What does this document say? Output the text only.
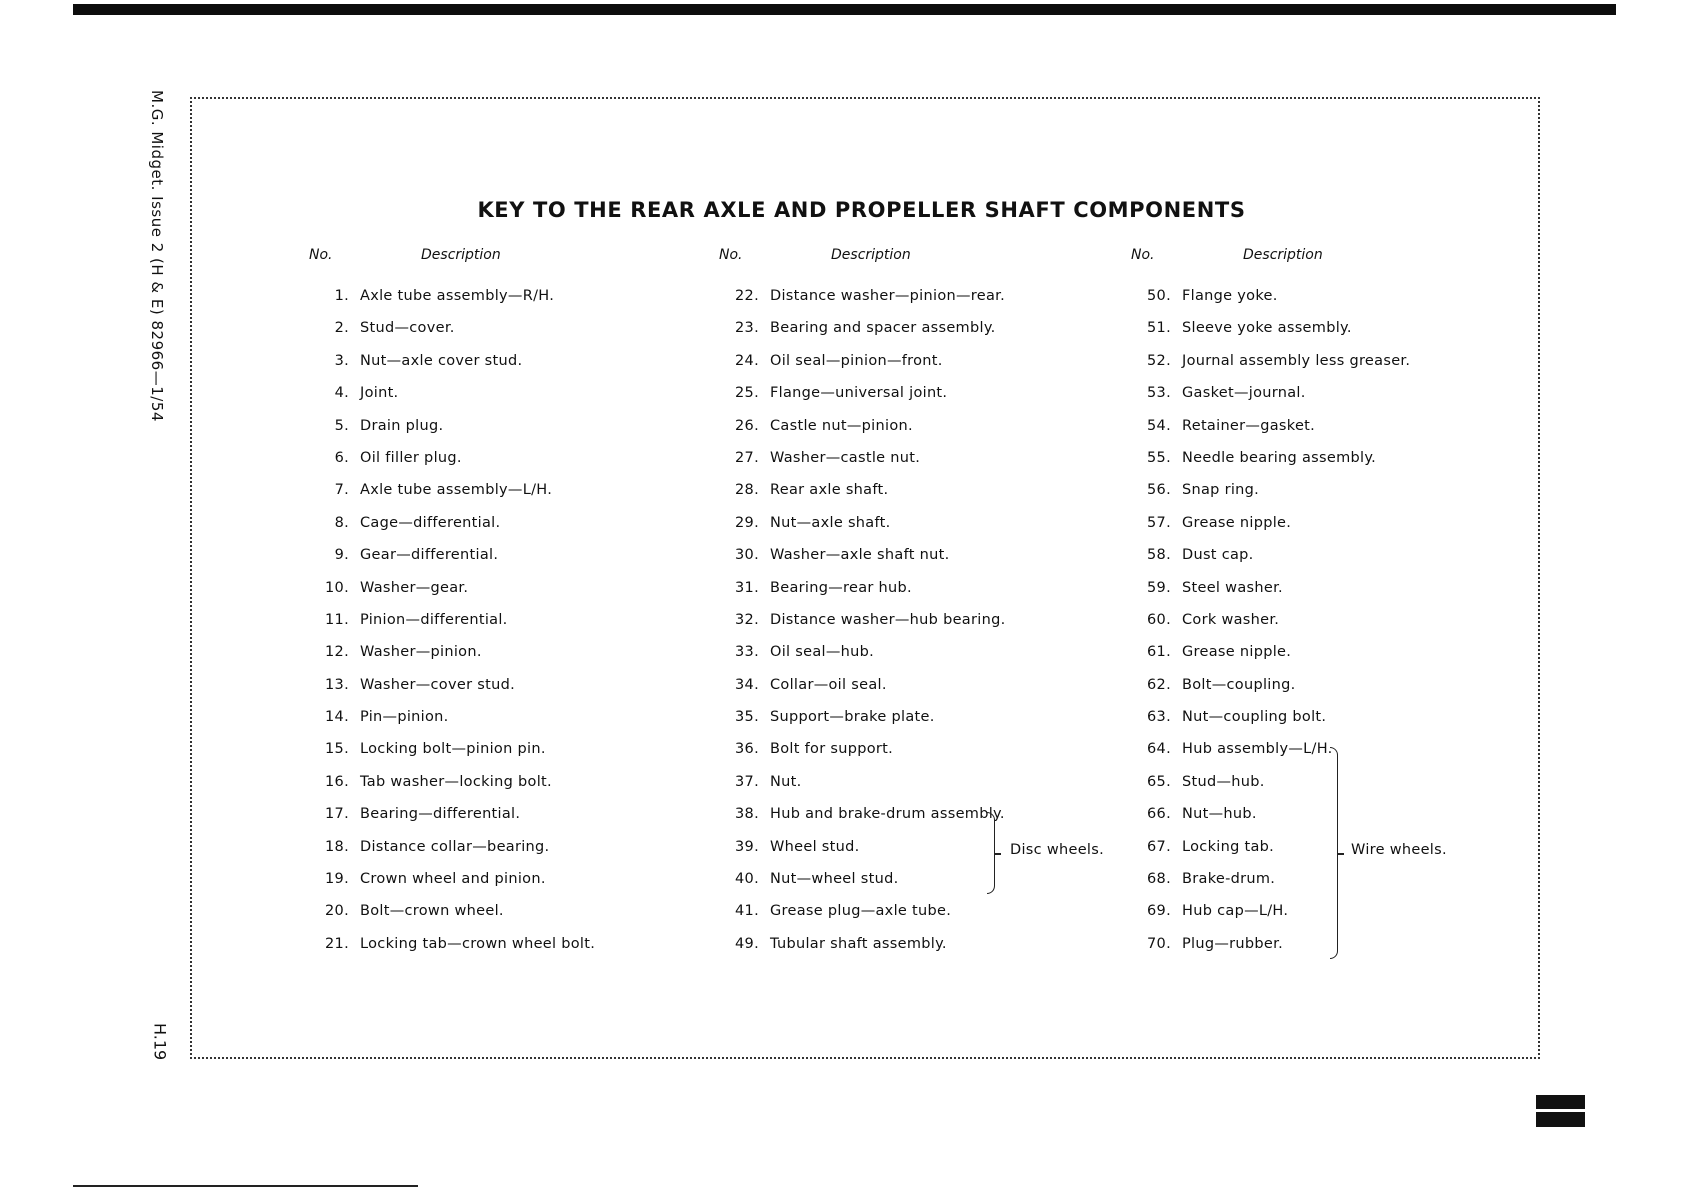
M.G. Midget. Issue 2 (H & E) 82966—1/54
H.19
KEY TO THE REAR AXLE AND PROPELLER SHAFT COMPONENTS
No.	Description
1. Axle tube assembly—R/H.
2. Stud—cover.
3. Nut—axle cover stud.
4. Joint.
5. Drain plug.
6. Oil filler plug.
7. Axle tube assembly—L/H.
8. Cage—differential.
9. Gear—differential.
10. Washer—gear.
11. Pinion—differential.
12. Washer—pinion.
13. Washer—cover stud.
14. Pin—pinion.
15. Locking bolt—pinion pin.
16. Tab washer—locking bolt.
17. Bearing—differential.
18. Distance collar—bearing.
19. Crown wheel and pinion.
20. Bolt—crown wheel.
21. Locking tab—crown wheel bolt.
No.	Description
22. Distance washer—pinion—rear.
23. Bearing and spacer assembly.
24. Oil seal—pinion—front.
25. Flange—universal joint.
26. Castle nut—pinion.
27. Washer—castle nut.
28. Rear axle shaft.
29. Nut—axle shaft.
30. Washer—axle shaft nut.
31. Bearing—rear hub.
32. Distance washer—hub bearing.
33. Oil seal—hub.
34. Collar—oil seal.
35. Support—brake plate.
36. Bolt for support.
37. Nut.
38. Hub and brake-drum assembly.
39. Wheel stud.
40. Nut—wheel stud.
41. Grease plug—axle tube.
49. Tubular shaft assembly.
No.	Description
50. Flange yoke.
51. Sleeve yoke assembly.
52. Journal assembly less greaser.
53. Gasket—journal.
54. Retainer—gasket.
55. Needle bearing assembly.
56. Snap ring.
57. Grease nipple.
58. Dust cap.
59. Steel washer.
60. Cork washer.
61. Grease nipple.
62. Bolt—coupling.
63. Nut—coupling bolt.
64. Hub assembly—L/H.
65. Stud—hub.
66. Nut—hub.
67. Locking tab.
68. Brake-drum.
69. Hub cap—L/H.
70. Plug—rubber.
Disc wheels.	Wire wheels.
